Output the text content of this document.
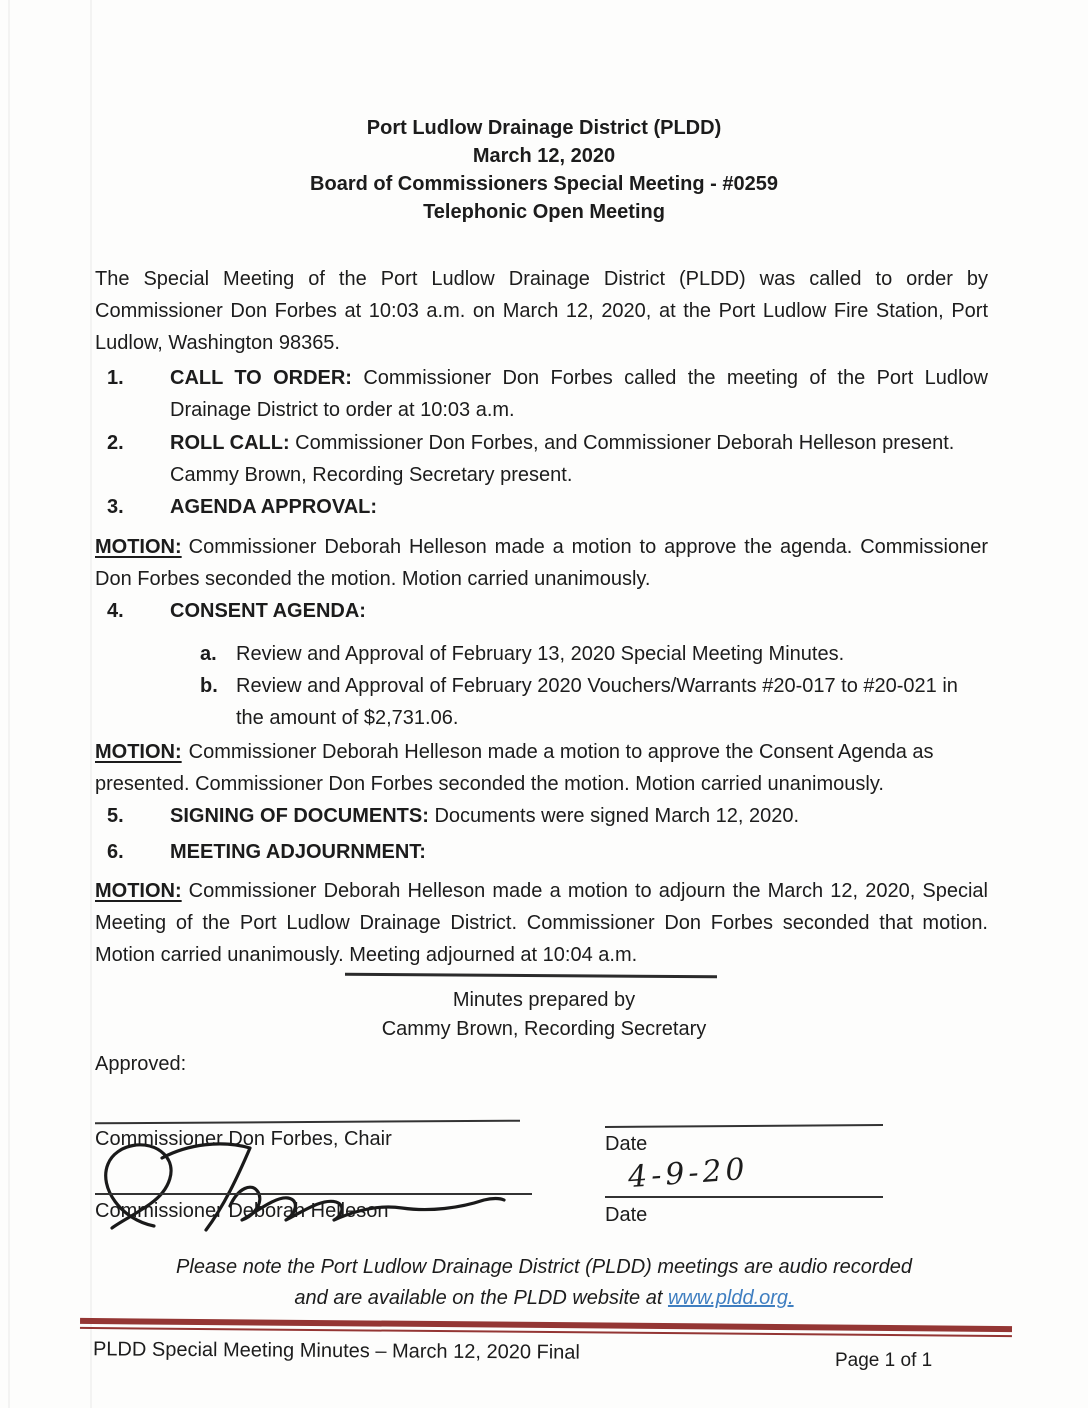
Port Ludlow Drainage District (PLDD)
March 12, 2020
Board of Commissioners Special Meeting - #0259
Telephonic Open Meeting

The Special Meeting of the Port Ludlow Drainage District (PLDD) was called to order by Commissioner Don Forbes at 10:03 a.m. on March 12, 2020, at the Port Ludlow Fire Station, Port Ludlow, Washington 98365.

1.	CALL TO ORDER: Commissioner Don Forbes called the meeting of the Port Ludlow Drainage District to order at 10:03 a.m.
2.	ROLL CALL: Commissioner Don Forbes, and Commissioner Deborah Helleson present. Cammy Brown, Recording Secretary present.
3.	AGENDA APPROVAL:

MOTION: Commissioner Deborah Helleson made a motion to approve the agenda. Commissioner Don Forbes seconded the motion. Motion carried unanimously.

4.	CONSENT AGENDA:
a. Review and Approval of February 13, 2020 Special Meeting Minutes.
b. Review and Approval of February 2020 Vouchers/Warrants #20-017 to #20-021 in the amount of $2,731.06.

MOTION: Commissioner Deborah Helleson made a motion to approve the Consent Agenda as presented. Commissioner Don Forbes seconded the motion. Motion carried unanimously.

5.	SIGNING OF DOCUMENTS: Documents were signed March 12, 2020.
6.	MEETING ADJOURNMENT:

MOTION: Commissioner Deborah Helleson made a motion to adjourn the March 12, 2020, Special Meeting of the Port Ludlow Drainage District. Commissioner Don Forbes seconded that motion. Motion carried unanimously. Meeting adjourned at 10:04 a.m.

Minutes prepared by
Cammy Brown, Recording Secretary
Approved:
Commissioner Don Forbes, Chair	Date
Commissioner Deborah Helleson
4-9-20
Date
Please note the Port Ludlow Drainage District (PLDD) meetings are audio recorded
and are available on the PLDD website at www.pldd.org.
PLDD Special Meeting Minutes – March 12, 2020 Final	Page 1 of 1
